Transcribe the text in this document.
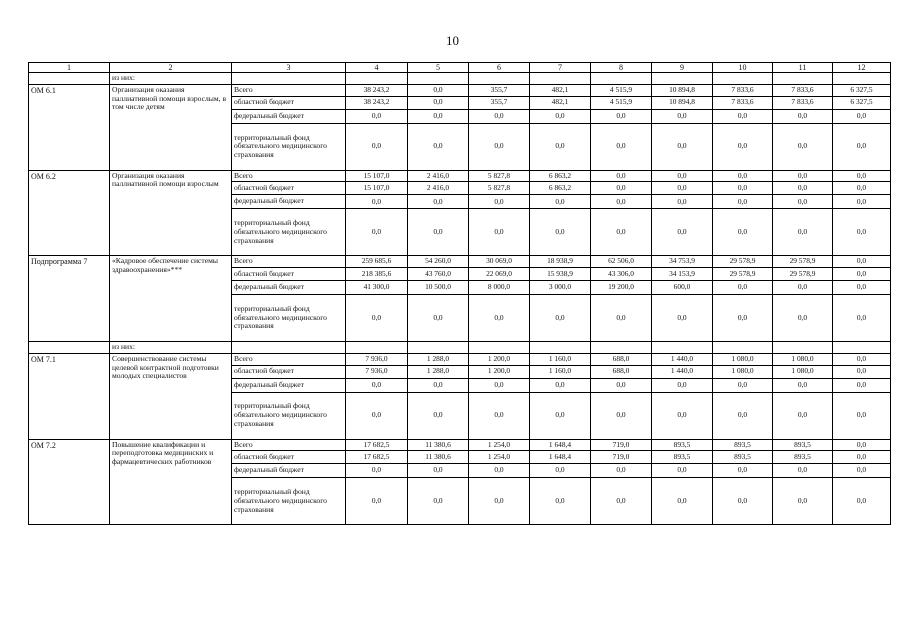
10
1	2	3	4	5	6	7	8	9	10	11	12
	из них:										
ОМ 6.1	Организация оказания паллиативной помощи взрослым, в том числе детям	Всего	38 243,2	0,0	355,7	482,1	4 515,9	10 894,8	7 833,6	7 833,6	6 327,5
		областной бюджет	38 243,2	0,0	355,7	482,1	4 515,9	10 894,8	7 833,6	7 833,6	6 327,5
		федеральный бюджет	0,0	0,0	0,0	0,0	0,0	0,0	0,0	0,0	0,0
		территориальный фонд обязательного медицинского страхования	0,0	0,0	0,0	0,0	0,0	0,0	0,0	0,0	0,0
ОМ 6.2	Организация оказания паллиативной помощи взрослым	Всего	15 107,0	2 416,0	5 827,8	6 863,2	0,0	0,0	0,0	0,0	0,0
		областной бюджет	15 107,0	2 416,0	5 827,8	6 863,2	0,0	0,0	0,0	0,0	0,0
		федеральный бюджет	0,0	0,0	0,0	0,0	0,0	0,0	0,0	0,0	0,0
		территориальный фонд обязательного медицинского страхования	0,0	0,0	0,0	0,0	0,0	0,0	0,0	0,0	0,0
Подпрограмма 7	«Кадровое обеспечение системы здравоохранения»***	Всего	259 685,6	54 260,0	30 069,0	18 938,9	62 506,0	34 753,9	29 578,9	29 578,9	0,0
		областной бюджет	218 385,6	43 760,0	22 069,0	15 938,9	43 306,0	34 153,9	29 578,9	29 578,9	0,0
		федеральный бюджет	41 300,0	10 500,0	8 000,0	3 000,0	19 200,0	600,0	0,0	0,0	0,0
		территориальный фонд обязательного медицинского страхования	0,0	0,0	0,0	0,0	0,0	0,0	0,0	0,0	0,0
	из них:										
ОМ 7.1	Совершенствование системы целевой контрактной подготовки молодых специалистов	Всего	7 936,0	1 288,0	1 200,0	1 160,0	688,0	1 440,0	1 080,0	1 080,0	0,0
		областной бюджет	7 936,0	1 288,0	1 200,0	1 160,0	688,0	1 440,0	1 080,0	1 080,0	0,0
		федеральный бюджет	0,0	0,0	0,0	0,0	0,0	0,0	0,0	0,0	0,0
		территориальный фонд обязательного медицинского страхования	0,0	0,0	0,0	0,0	0,0	0,0	0,0	0,0	0,0
ОМ 7.2	Повышение квалификации и переподготовка медицинских и фармацевтических работников	Всего	17 682,5	11 380,6	1 254,0	1 648,4	719,0	893,5	893,5	893,5	0,0
		областной бюджет	17 682,5	11 380,6	1 254,0	1 648,4	719,0	893,5	893,5	893,5	0,0
		федеральный бюджет	0,0	0,0	0,0	0,0	0,0	0,0	0,0	0,0	0,0
		территориальный фонд обязательного медицинского страхования	0,0	0,0	0,0	0,0	0,0	0,0	0,0	0,0	0,0
